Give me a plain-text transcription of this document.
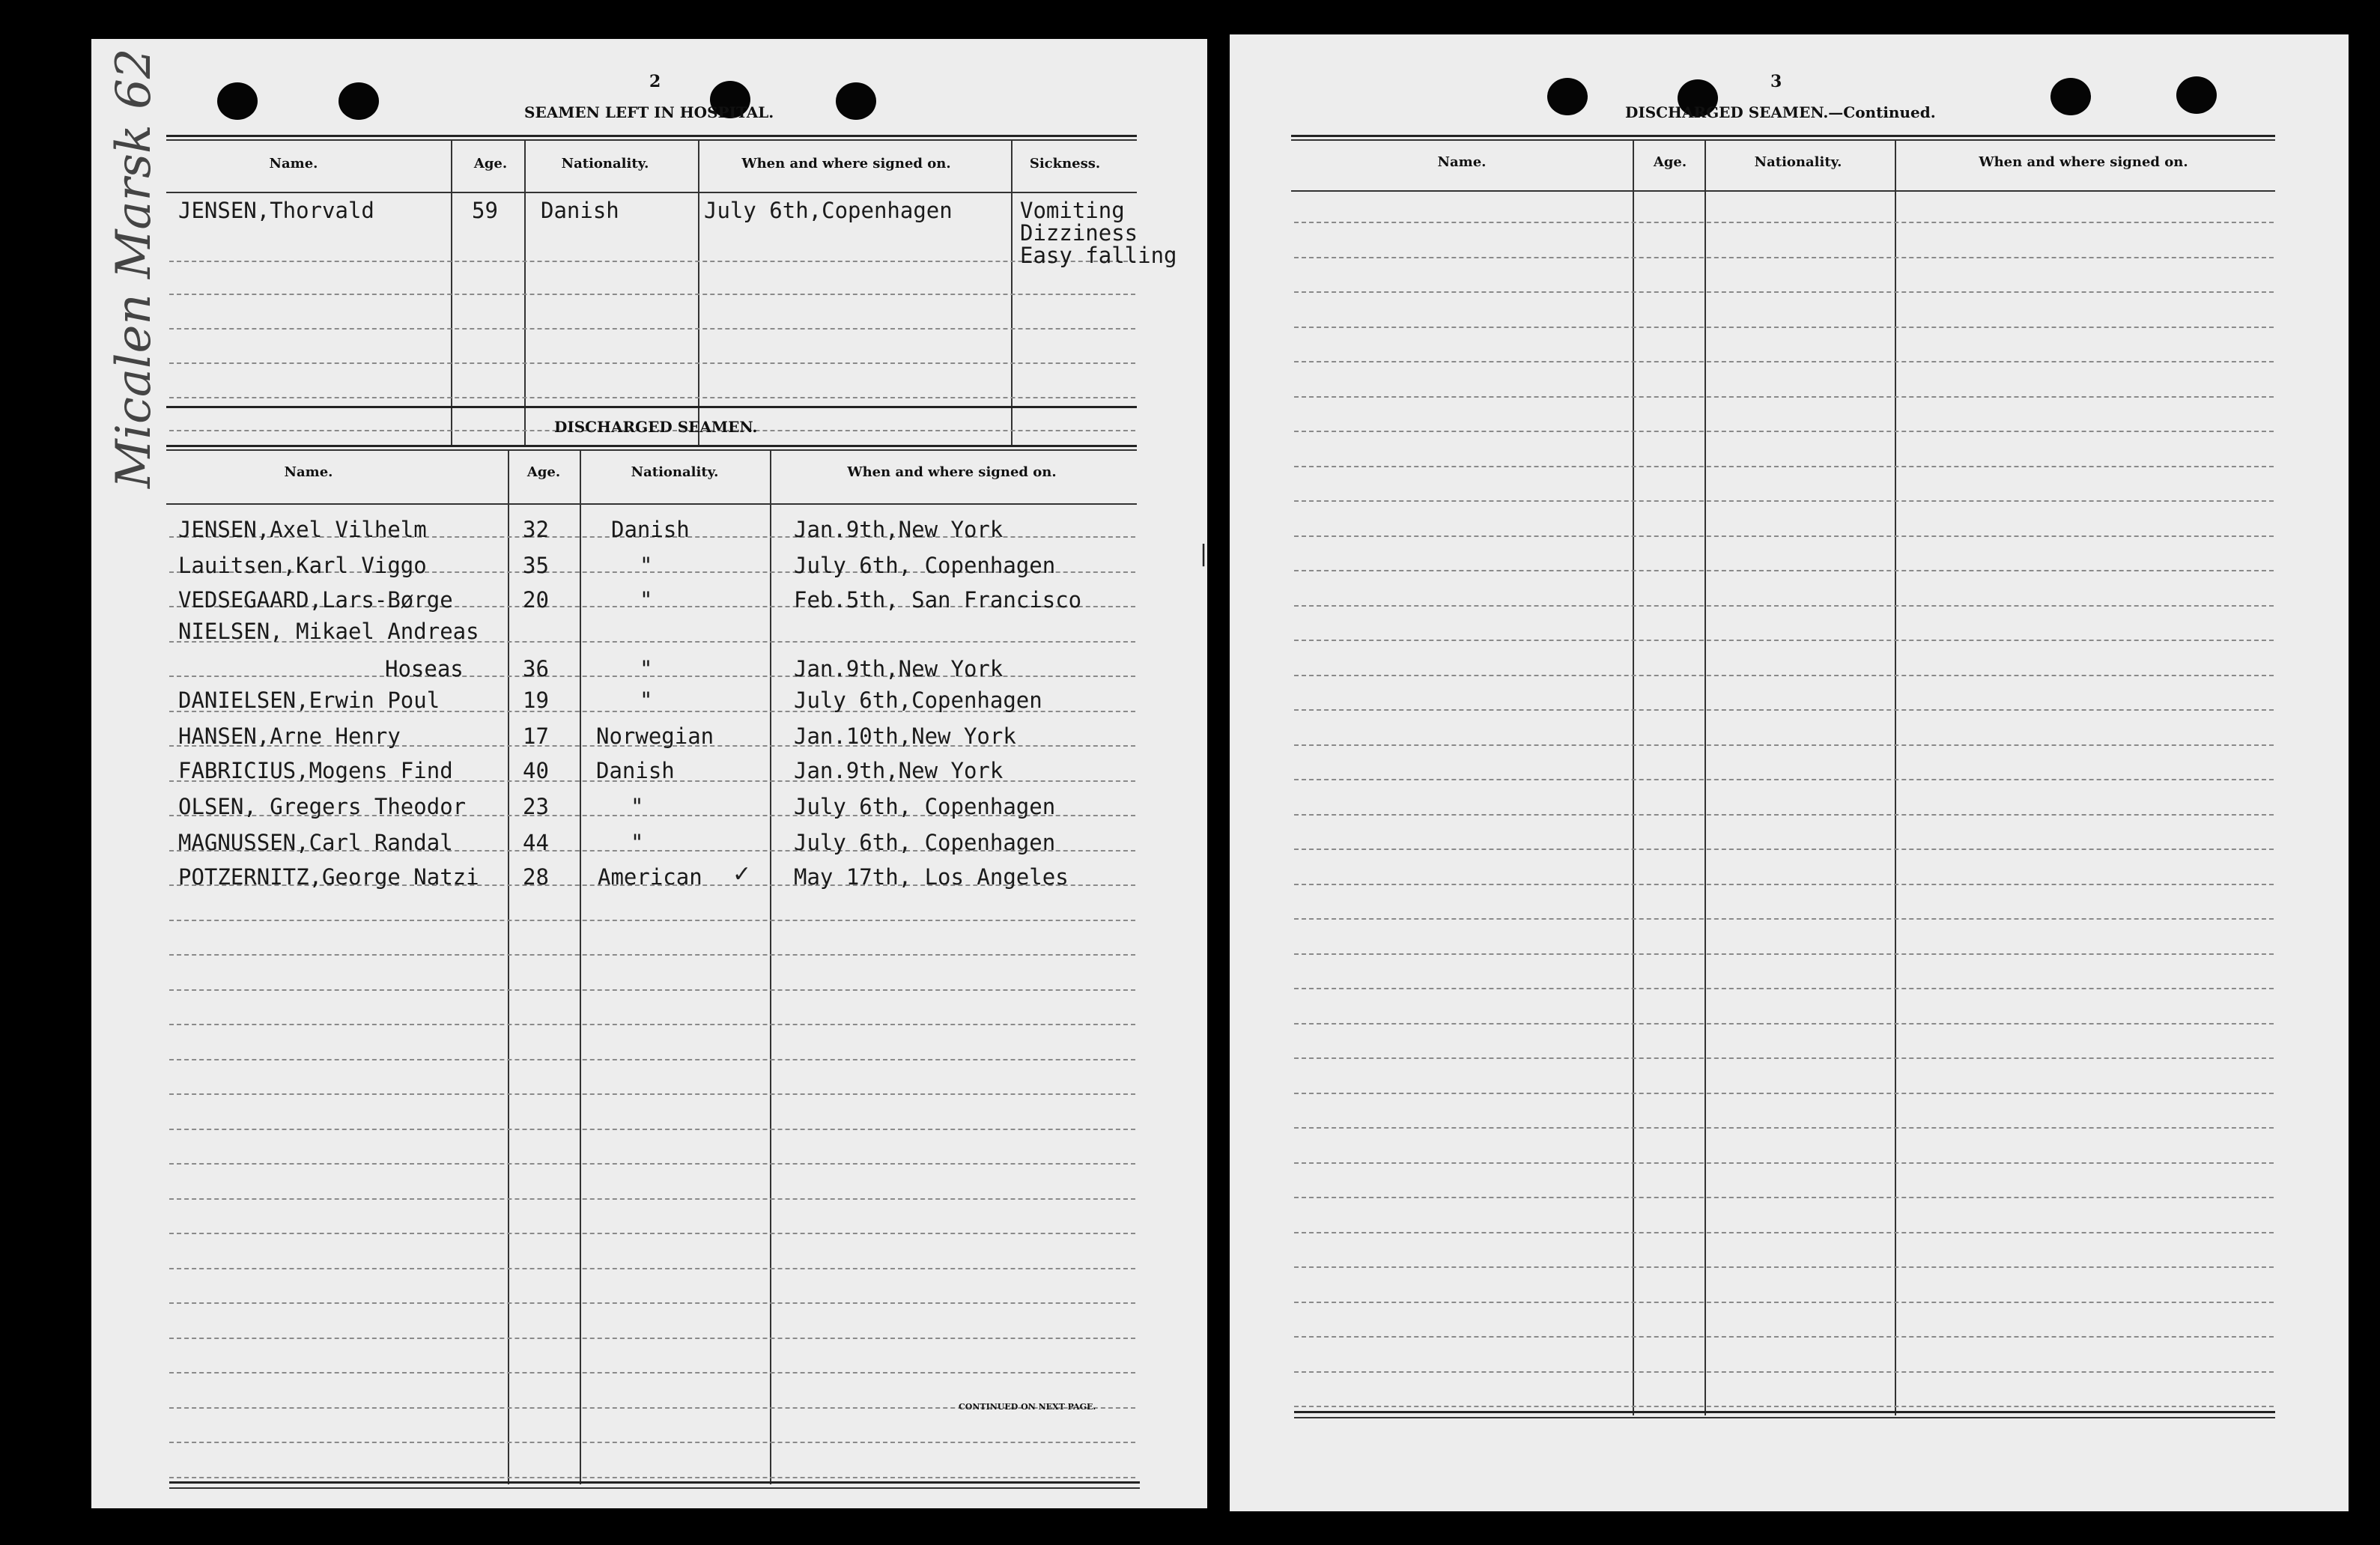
Micalen Marsk 62	2
SEAMEN LEFT IN HOSPITAL.
Name.	Age.	Nationality.	When and where signed on.	Sickness.
JENSEN,Thorvald	59 Danish	July 6th,Copenhagen	Vomiting
Dizziness
Easy falling
DISCHARGED SEAMEN.
Name.	Age.	Nationality.	When and where signed on.
JENSEN,Axel Vilhelm	32	Danish	Jan.9th,New York
Lauitsen,Karl Viggo	35	"	July 6th, Copenhagen
VEDSEGAARD,Lars-Børge	20	"	Feb.5th, San Francisco
NIELSEN, Mikael Andreas
Hoseas	36	"	Jan.9th,New York
DANIELSEN,Erwin Poul	19	"	July 6th,Copenhagen
HANSEN,Arne Henry	17 Norwegian	Jan.10th,New York
FABRICIUS,Mogens Find	40 Danish	Jan.9th,New York
OLSEN, Gregers Theodor	23	"	July 6th, Copenhagen
MAGNUSSEN,Carl Randal	44	"	July 6th, Copenhagen
POTZERNITZ,George Natzi 28 American ✓ May 17th, Los Angeles
CONTINUED ON NEXT PAGE.
|
3
DISCHARGED SEAMEN.—Continued.
Name.	Age.	Nationality.	When and where signed on.
